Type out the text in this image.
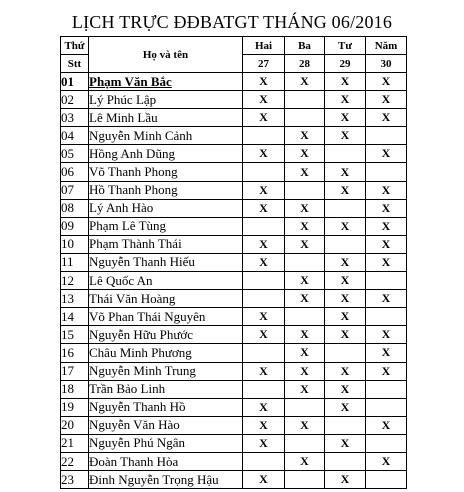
LỊCH TRỰC ĐĐBATGT THÁNG 06/2016
Thứ	Họ và tên	Hai	Ba	Tư	Năm
Stt		27	28	29	30
01	Phạm Văn Bắc	X	X	X	X
02	Lý Phúc Lập	X		X	X
03	Lê Minh Lầu	X		X	X
04	Nguyễn Minh Cảnh		X	X	
05	Hồng Anh Dũng	X	X		X
06	Võ Thanh Phong		X	X	
07	Hồ Thanh Phong	X		X	X
08	Lý Anh Hào	X	X		X
09	Phạm Lê Tùng		X	X	X
10	Phạm Thành Thái	X	X		X
11	Nguyễn Thanh Hiếu	X		X	X
12	Lê Quốc An		X	X	
13	Thái Văn Hoàng		X	X	X
14	Võ Phan Thái Nguyên	X		X	
15	Nguyễn Hữu Phước	X	X	X	X
16	Châu Minh Phương		X		X
17	Nguyễn Minh Trung	X	X	X	X
18	Trần Bảo Linh		X	X	
19	Nguyễn Thanh Hồ	X		X	
20	Nguyễn Văn Hào	X	X		X
21	Nguyễn Phú Ngân	X		X	
22	Đoàn Thanh Hòa		X		X
23	Đinh Nguyễn Trọng Hậu	X		X	
